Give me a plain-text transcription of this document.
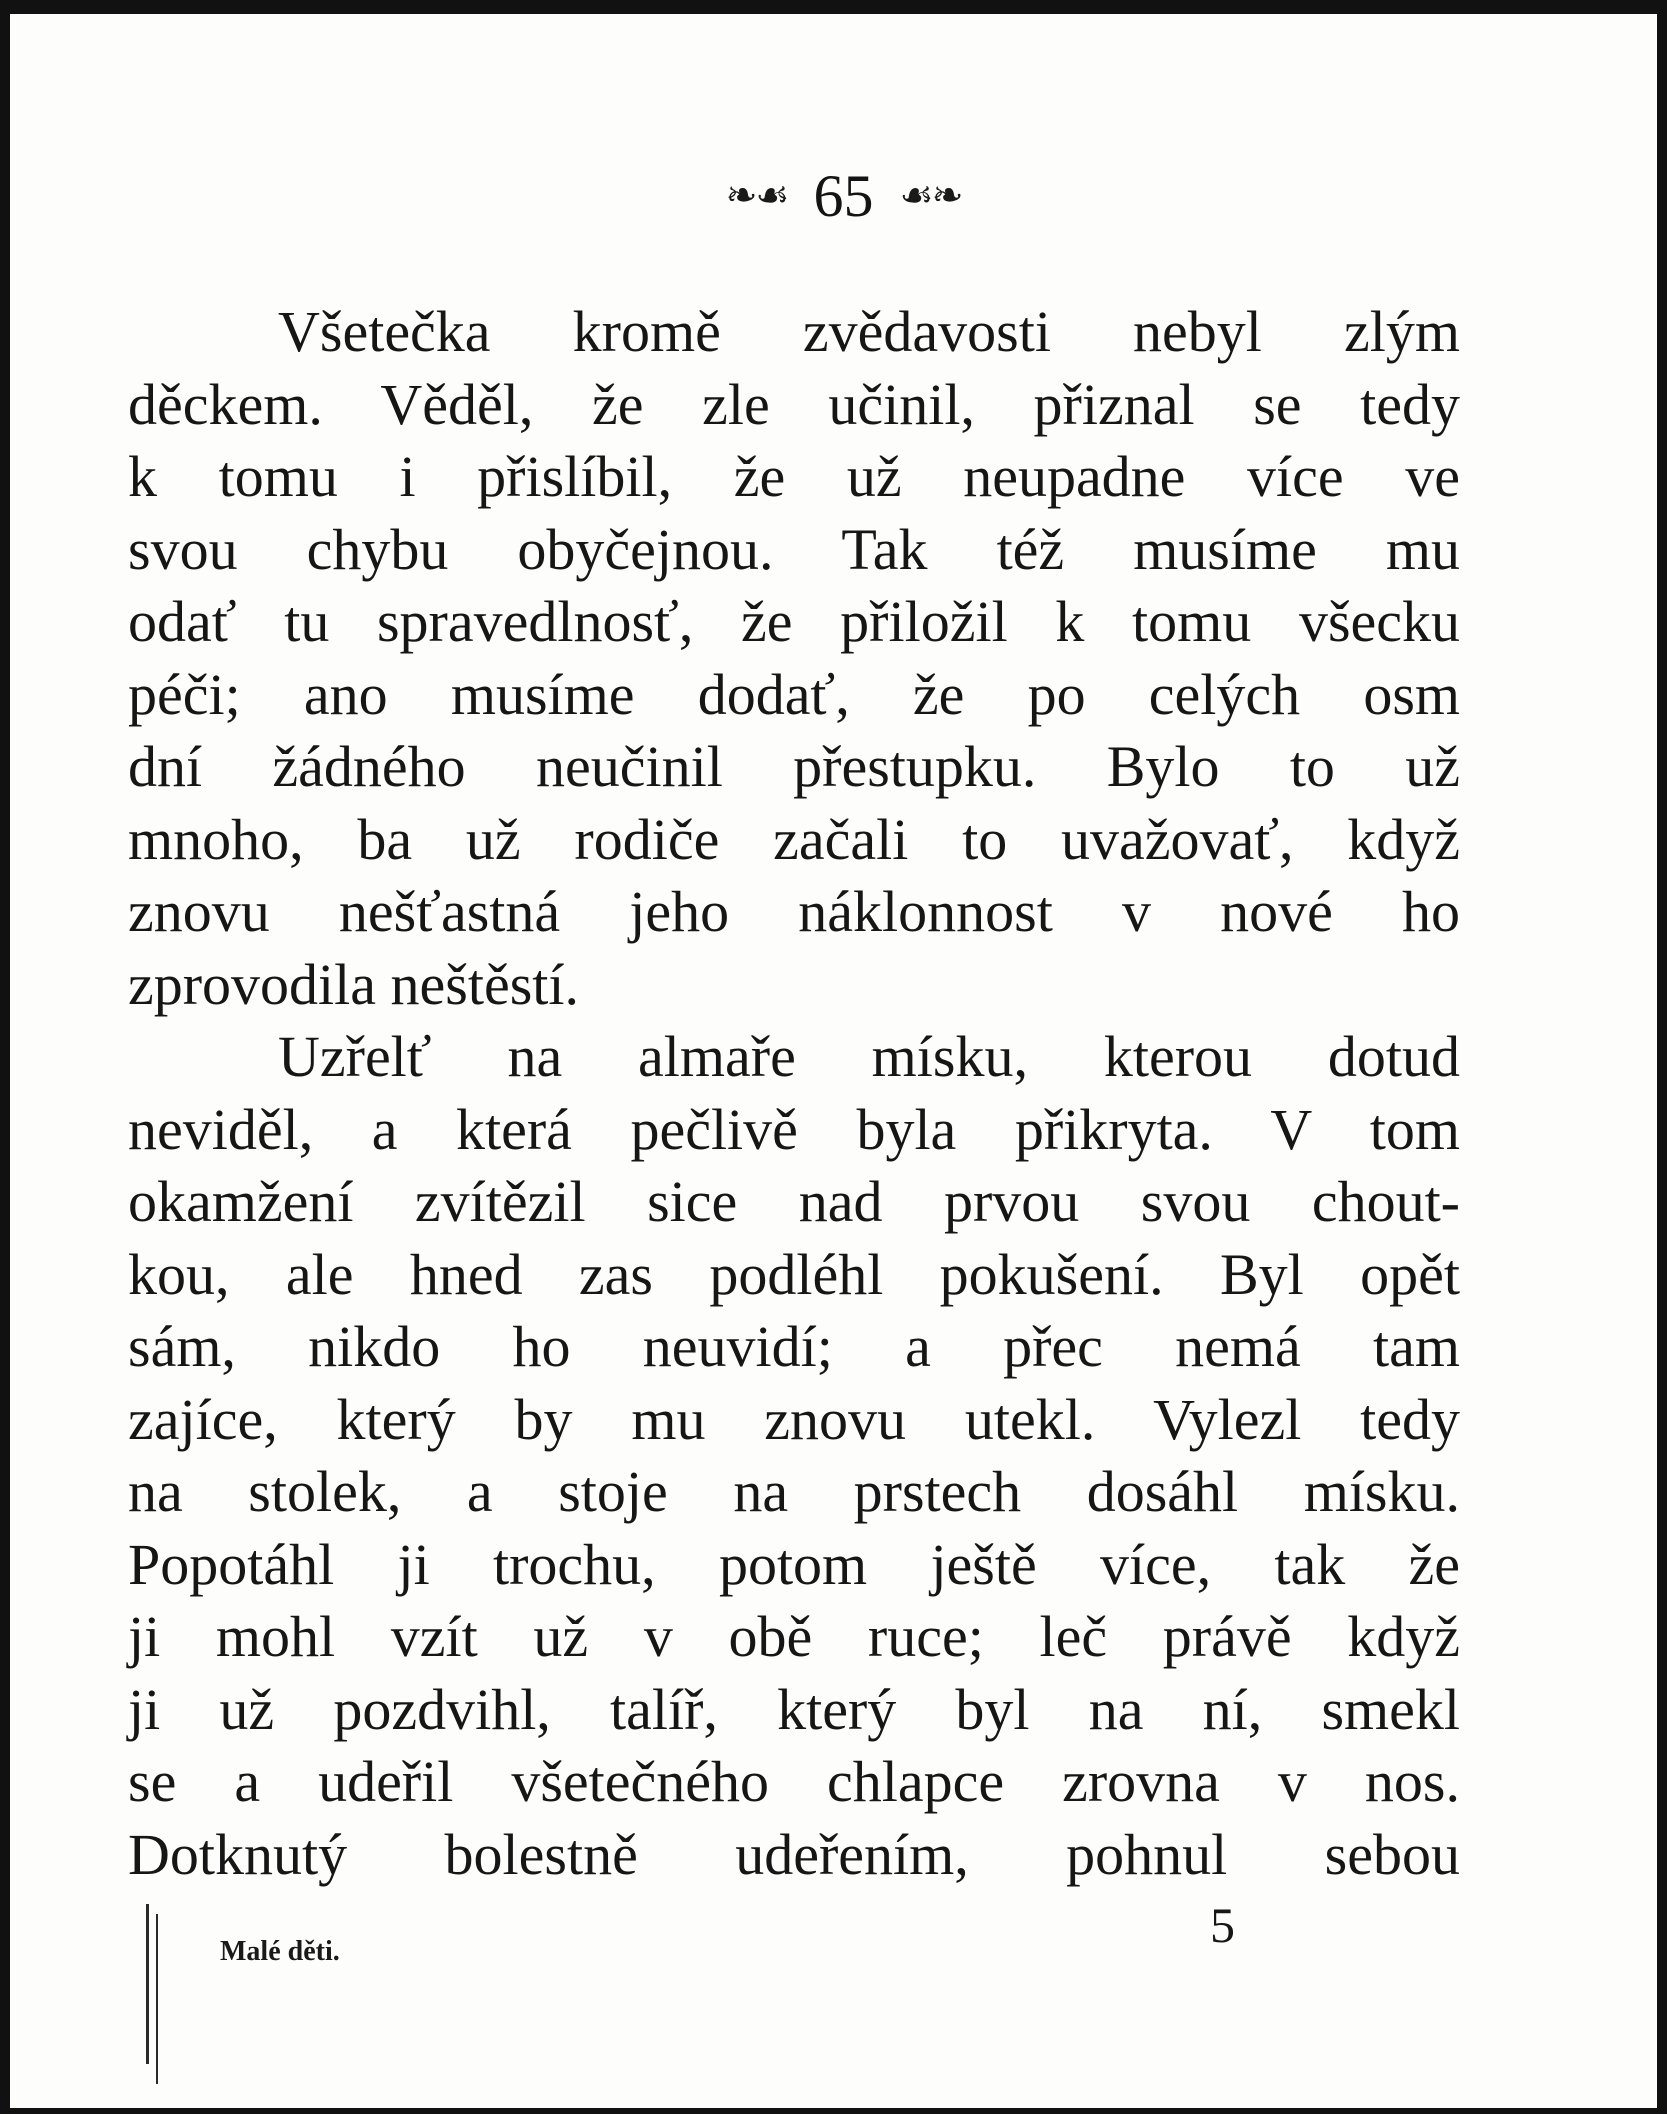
❧☙ 65 ☙❧
Všetečka kromě zvědavosti nebyl zlým
děckem. Věděl, že zle učinil, přiznal se tedy
k tomu i přislíbil, že už neupadne více ve
svou chybu obyčejnou. Tak též musíme mu
odať tu spravedlnosť, že přiložil k tomu všecku
péči; ano musíme dodať, že po celých osm
dní žádného neučinil přestupku. Bylo to už
mnoho, ba už rodiče začali to uvažovať, když
znovu nešťastná jeho náklonnost v nové ho
zprovodila neštěstí.
Uzřelť na almaře mísku, kterou dotud
neviděl, a která pečlivě byla přikryta. V tom
okamžení zvítězil sice nad prvou svou chout-
kou, ale hned zas podléhl pokušení. Byl opět
sám, nikdo ho neuvidí; a přec nemá tam
zajíce, který by mu znovu utekl. Vylezl tedy
na stolek, a stoje na prstech dosáhl mísku.
Popotáhl ji trochu, potom ještě více, tak že
ji mohl vzít už v obě ruce; leč právě když
ji už pozdvihl, talíř, který byl na ní, smekl
se a udeřil všetečného chlapce zrovna v nos.
Dotknutý bolestně udeřením, pohnul sebou
5
Malé děti.
